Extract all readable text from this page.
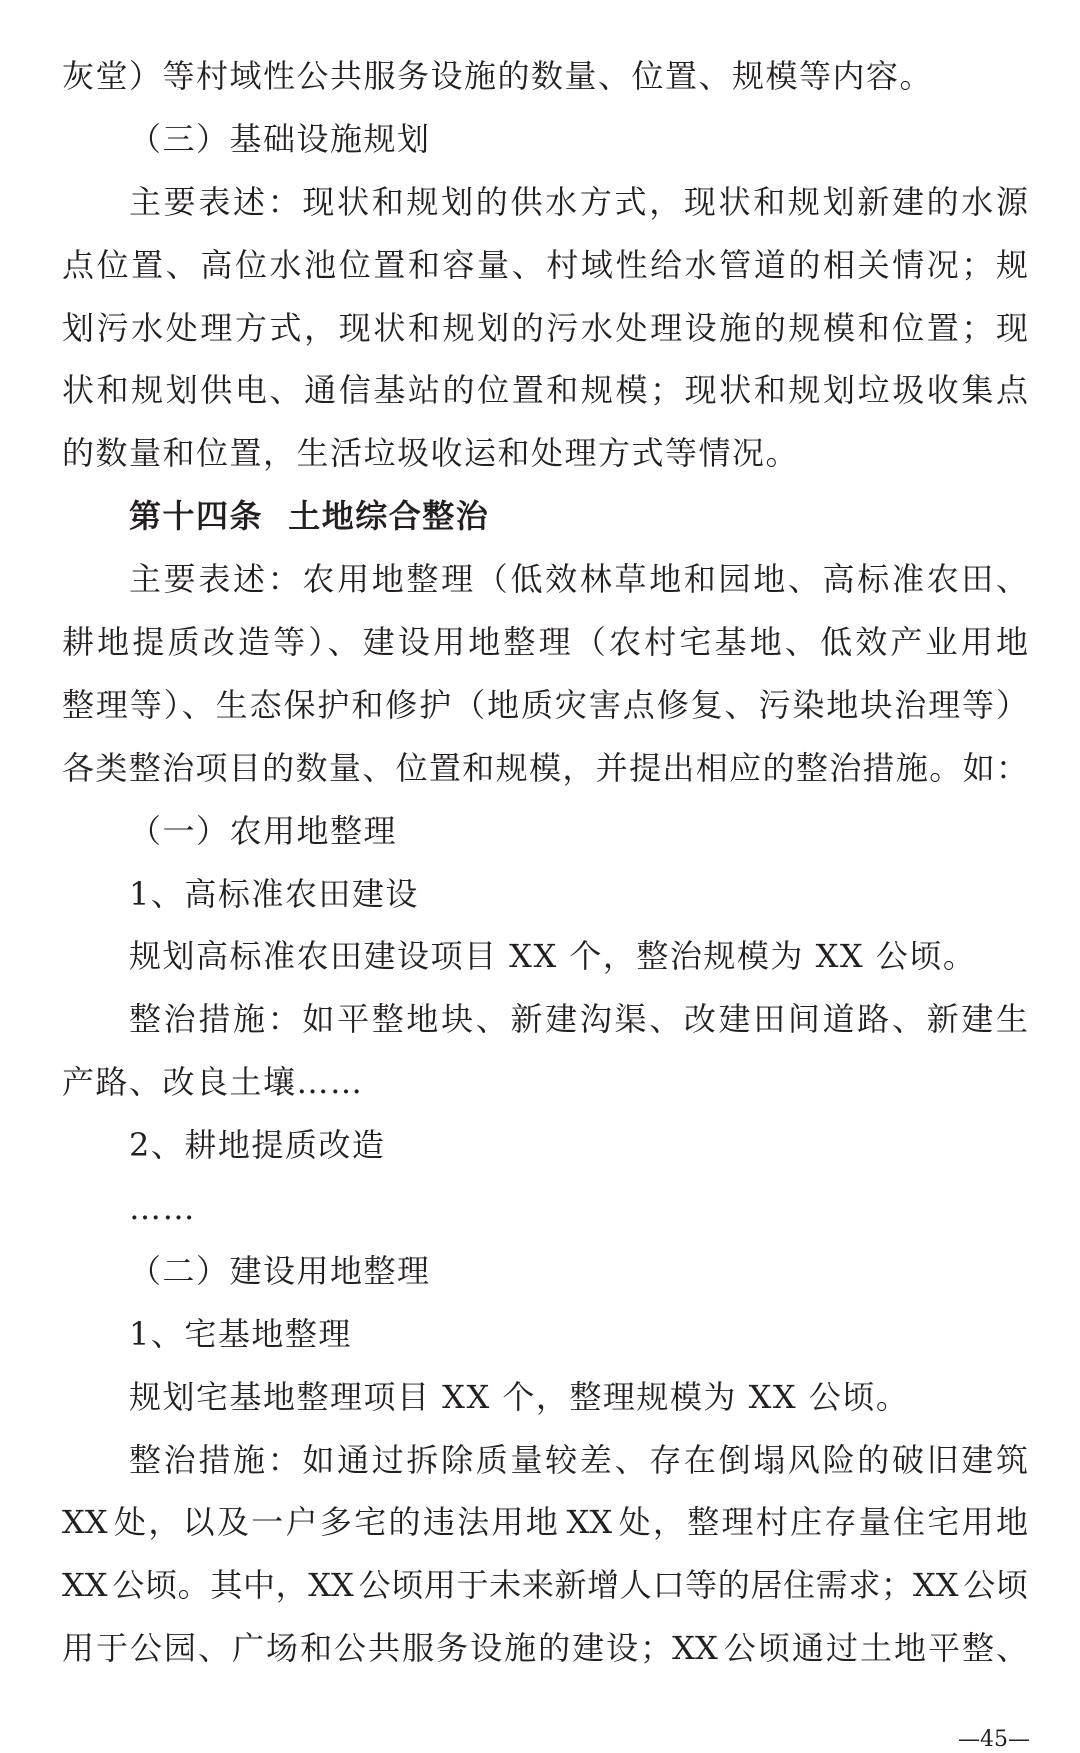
灰堂）等村域性公共服务设施的数量、位置、规模等内容。
（三）基础设施规划
主要表述：现状和规划的供水方式，现状和规划新建的水源
点位置、高位水池位置和容量、村域性给水管道的相关情况；规
划污水处理方式，现状和规划的污水处理设施的规模和位置；现
状和规划供电、通信基站的位置和规模；现状和规划垃圾收集点
的数量和位置，生活垃圾收运和处理方式等情况。
第十四条  土地综合整治
主要表述：农用地整理（低效林草地和园地、高标准农田、
耕地提质改造等）、建设用地整理（农村宅基地、低效产业用地
整理等）、生态保护和修护（地质灾害点修复、污染地块治理等）
各类整治项目的数量、位置和规模，并提出相应的整治措施。如：
（一）农用地整理
1、高标准农田建设
规划高标准农田建设项目 XX 个，整治规模为 XX 公顷。
整治措施：如平整地块、新建沟渠、改建田间道路、新建生
产路、改良土壤……
2、耕地提质改造
……
（二）建设用地整理
1、宅基地整理
规划宅基地整理项目 XX 个，整理规模为 XX 公顷。
整治措施：如通过拆除质量较差、存在倒塌风险的破旧建筑
XX 处，以及一户多宅的违法用地 XX 处，整理村庄存量住宅用地
XX 公顷。其中，XX 公顷用于未来新增人口等的居住需求；XX 公顷
用于公园、广场和公共服务设施的建设；XX 公顷通过土地平整、
—45—
